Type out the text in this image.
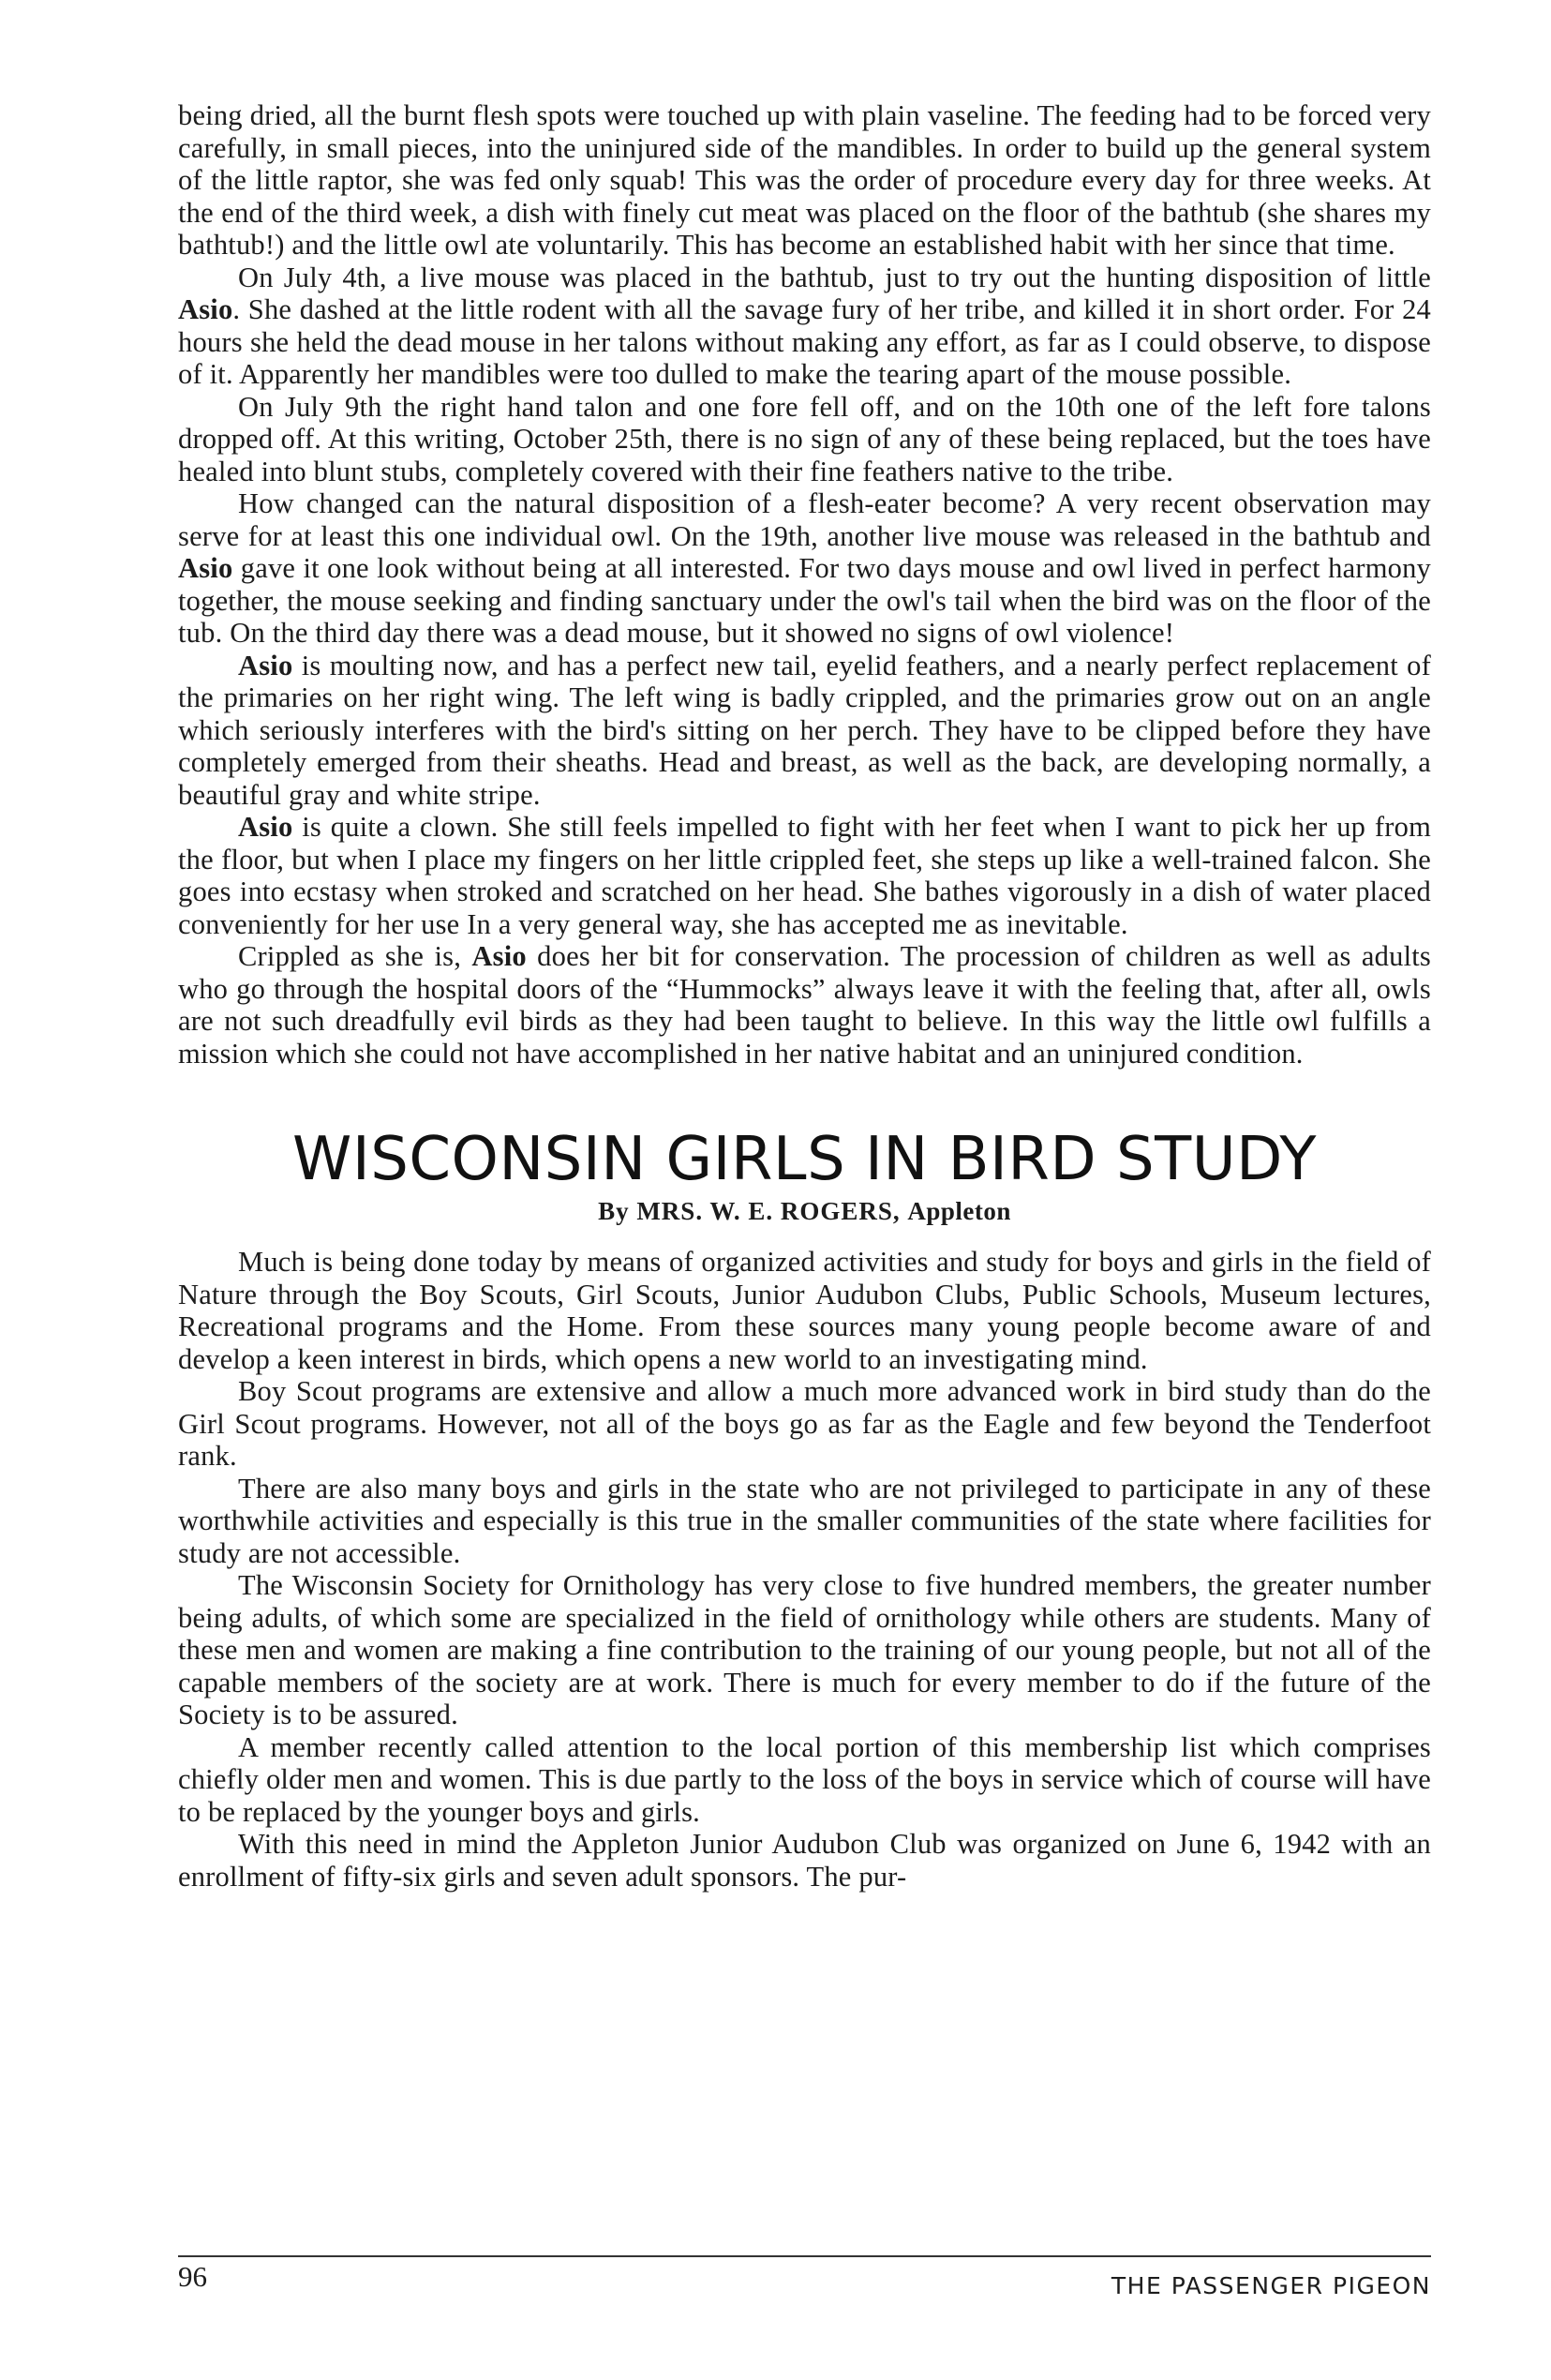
being dried, all the burnt flesh spots were touched up with plain vaseline. The feeding had to be forced very carefully, in small pieces, into the uninjured side of the mandibles. In order to build up the general system of the little raptor, she was fed only squab! This was the order of procedure every day for three weeks. At the end of the third week, a dish with finely cut meat was placed on the floor of the bathtub (she shares my bathtub!) and the little owl ate voluntarily. This has become an established habit with her since that time.

On July 4th, a live mouse was placed in the bathtub, just to try out the hunting disposition of little Asio. She dashed at the little rodent with all the savage fury of her tribe, and killed it in short order. For 24 hours she held the dead mouse in her talons without making any effort, as far as I could observe, to dispose of it. Apparently her mandibles were too dulled to make the tearing apart of the mouse possible.

On July 9th the right hand talon and one fore fell off, and on the 10th one of the left fore talons dropped off. At this writing, October 25th, there is no sign of any of these being replaced, but the toes have healed into blunt stubs, completely covered with their fine feathers native to the tribe.

How changed can the natural disposition of a flesh-eater become? A very recent observation may serve for at least this one individual owl. On the 19th, another live mouse was released in the bathtub and Asio gave it one look without being at all interested. For two days mouse and owl lived in perfect harmony together, the mouse seeking and finding sanctuary under the owl's tail when the bird was on the floor of the tub. On the third day there was a dead mouse, but it showed no signs of owl violence!

Asio is moulting now, and has a perfect new tail, eyelid feathers, and a nearly perfect replacement of the primaries on her right wing. The left wing is badly crippled, and the primaries grow out on an angle which seriously interferes with the bird's sitting on her perch. They have to be clipped before they have completely emerged from their sheaths. Head and breast, as well as the back, are developing normally, a beautiful gray and white stripe.

Asio is quite a clown. She still feels impelled to fight with her feet when I want to pick her up from the floor, but when I place my fingers on her little crippled feet, she steps up like a well-trained falcon. She goes into ecstasy when stroked and scratched on her head. She bathes vigorously in a dish of water placed conveniently for her use In a very general way, she has accepted me as inevitable.

Crippled as she is, Asio does her bit for conservation. The procession of children as well as adults who go through the hospital doors of the “Hummocks” always leave it with the feeling that, after all, owls are not such dreadfully evil birds as they had been taught to believe. In this way the little owl fulfills a mission which she could not have accomplished in her native habitat and an uninjured condition.

WISCONSIN GIRLS IN BIRD STUDY
By MRS. W. E. ROGERS, Appleton

Much is being done today by means of organized activities and study for boys and girls in the field of Nature through the Boy Scouts, Girl Scouts, Junior Audubon Clubs, Public Schools, Museum lectures, Recreational programs and the Home. From these sources many young people become aware of and develop a keen interest in birds, which opens a new world to an investigating mind.

Boy Scout programs are extensive and allow a much more advanced work in bird study than do the Girl Scout programs. However, not all of the boys go as far as the Eagle and few beyond the Tenderfoot rank.

There are also many boys and girls in the state who are not privileged to participate in any of these worthwhile activities and especially is this true in the smaller communities of the state where facilities for study are not accessible.

The Wisconsin Society for Ornithology has very close to five hundred members, the greater number being adults, of which some are specialized in the field of ornithology while others are students. Many of these men and women are making a fine contribution to the training of our young people, but not all of the capable members of the society are at work. There is much for every member to do if the future of the Society is to be assured.

A member recently called attention to the local portion of this membership list which comprises chiefly older men and women. This is due partly to the loss of the boys in service which of course will have to be replaced by the younger boys and girls.

With this need in mind the Appleton Junior Audubon Club was organized on June 6, 1942 with an enrollment of fifty-six girls and seven adult sponsors. The pur-

96	THE PASSENGER PIGEON
